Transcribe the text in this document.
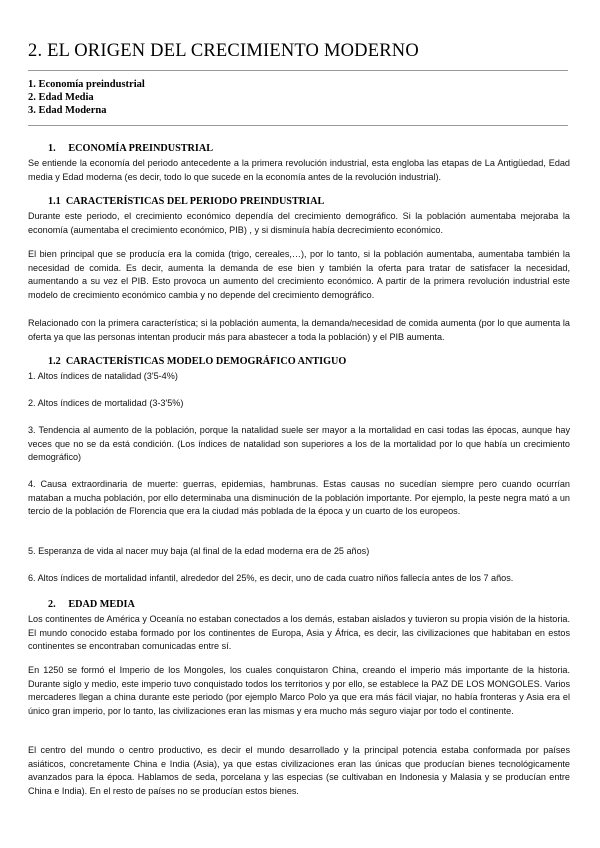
2. EL ORIGEN DEL CRECIMIENTO MODERNO
1. Economía preindustrial
2. Edad Media
3. Edad Moderna
1.     ECONOMÍA PREINDUSTRIAL
Se entiende la economía del periodo antecedente a la primera revolución industrial, esta engloba las etapas de La Antigüedad, Edad media y Edad moderna (es decir, todo lo que sucede en la economía antes de la revolución industrial).
1.1  CARACTERÍSTICAS DEL PERIODO PREINDUSTRIAL
Durante este periodo, el crecimiento económico dependía del crecimiento demográfico. Si la población aumentaba mejoraba la economía (aumentaba el crecimiento económico, PIB) , y si disminuía había decrecimiento económico.
El bien principal que se producía era la comida (trigo, cereales,…), por lo tanto, si la población aumentaba, aumentaba también la necesidad de comida. Es decir, aumenta la demanda de ese bien y también la oferta para tratar de satisfacer la necesidad, aumentando a su vez el PIB. Esto provoca un aumento del crecimiento económico. A partir de la primera revolución industrial este modelo de crecimiento económico cambia y no depende del crecimiento demográfico.
Relacionado con la primera característica; si la población aumenta, la demanda/necesidad de comida aumenta (por lo que aumenta la oferta ya que las personas intentan producir más para abastecer a toda la población) y el PIB aumenta.
1.2  CARACTERÍSTICAS MODELO DEMOGRÁFICO ANTIGUO
1. Altos índices de natalidad (3'5-4%)
2. Altos índices de mortalidad (3-3'5%)
3. Tendencia al aumento de la población, porque la natalidad suele ser mayor a la mortalidad en casi todas las épocas, aunque hay veces que no se da está condición. (Los índices de natalidad son superiores a los de la mortalidad por lo que había un crecimiento demográfico)
4. Causa extraordinaria de muerte: guerras, epidemias, hambrunas. Estas causas no sucedían siempre pero cuando ocurrían mataban a mucha población, por ello determinaba una disminución de la población importante. Por ejemplo, la peste negra mató a un tercio de la población de Florencia que era la ciudad más poblada de la época y un cuarto de los europeos.
5. Esperanza de vida al nacer muy baja (al final de la edad moderna era de 25 años)
6. Altos índices de mortalidad infantil, alrededor del 25%, es decir, uno de cada cuatro niños fallecía antes de los 7 años.
2.     EDAD MEDIA
Los continentes de América y Oceanía no estaban conectados a los demás, estaban aislados y tuvieron su propia visión de la historia. El mundo conocido estaba formado por los continentes de Europa, Asia y África, es decir, las civilizaciones que habitaban en estos continentes se encontraban comunicadas entre sí.
En 1250 se formó el Imperio de los Mongoles, los cuales conquistaron China, creando el imperio más importante de la historia. Durante siglo y medio, este imperio tuvo conquistado todos los territorios y por ello, se establece la PAZ DE LOS MONGOLES. Varios mercaderes llegan a china durante este periodo (por ejemplo Marco Polo ya que era más fácil viajar, no había fronteras y Asia era el único gran imperio, por lo tanto, las civilizaciones eran las mismas y era mucho más seguro viajar por todo el continente.
El centro del mundo o centro productivo, es decir el mundo desarrollado y la principal potencia estaba conformada por países asiáticos, concretamente China e India (Asia), ya que estas civilizaciones eran las únicas que producían bienes tecnológicamente avanzados para la época. Hablamos de seda, porcelana y las especias (se cultivaban en Indonesia y Malasia y se producían entre China e India). En el resto de países no se producían estos bienes.
